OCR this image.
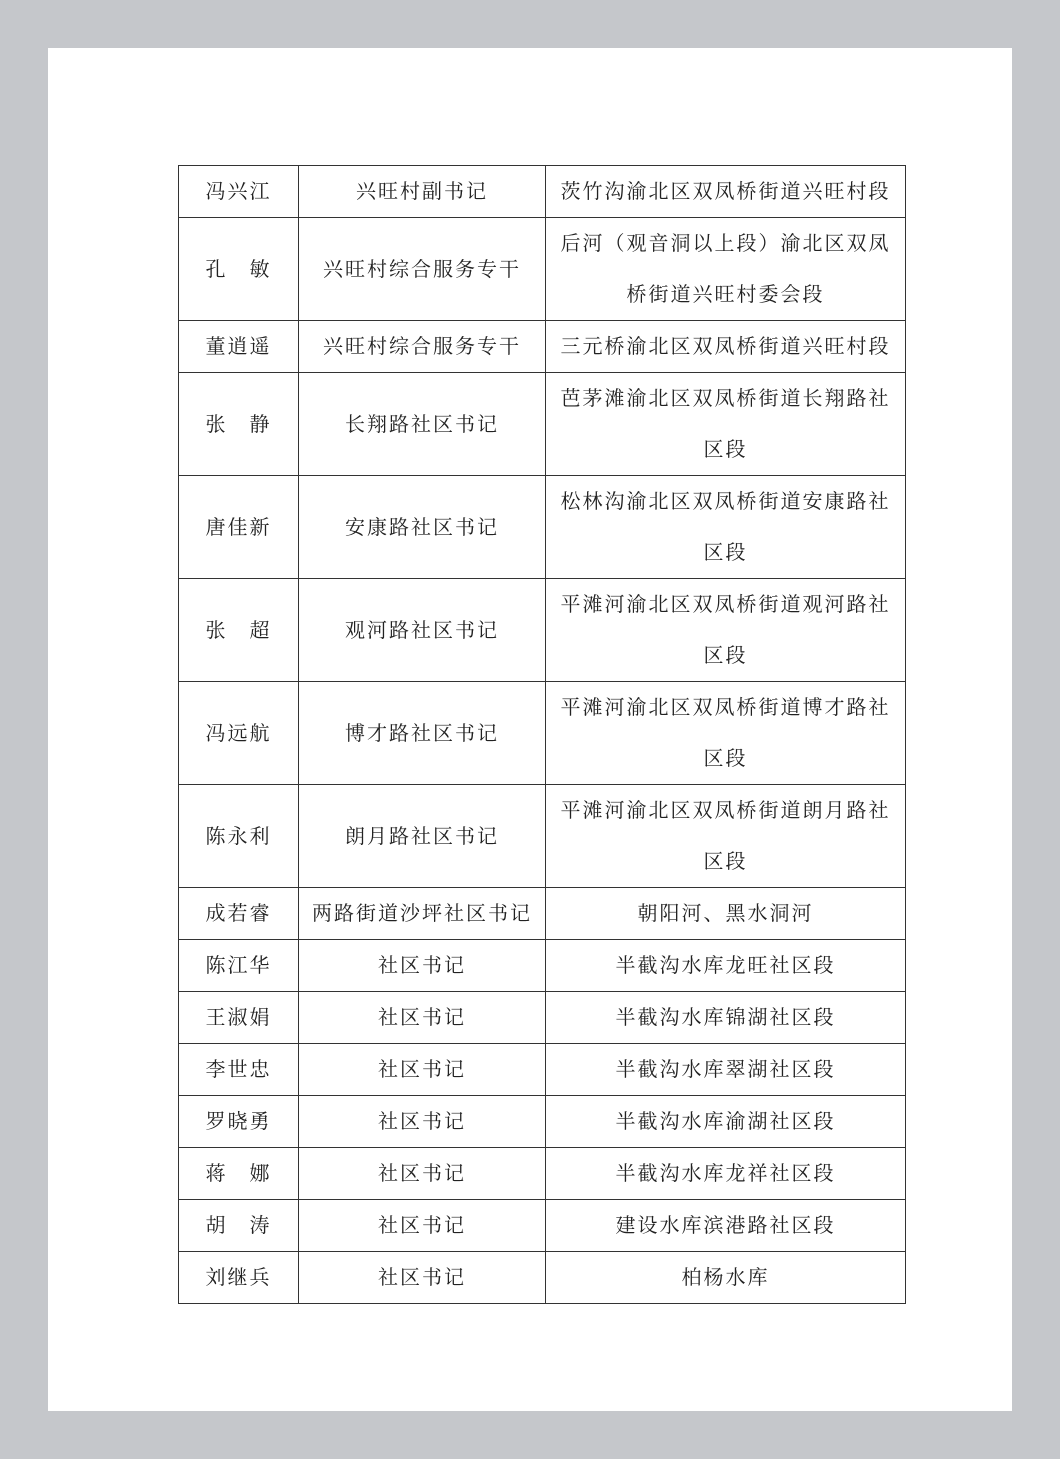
冯兴江	兴旺村副书记	茨竹沟渝北区双凤桥街道兴旺村段
孔　敏	兴旺村综合服务专干	后河（观音洞以上段）渝北区双凤桥街道兴旺村委会段
董逍遥	兴旺村综合服务专干	三元桥渝北区双凤桥街道兴旺村段
张　静	长翔路社区书记	芭茅滩渝北区双凤桥街道长翔路社区段
唐佳新	安康路社区书记	松林沟渝北区双凤桥街道安康路社区段
张　超	观河路社区书记	平滩河渝北区双凤桥街道观河路社区段
冯远航	博才路社区书记	平滩河渝北区双凤桥街道博才路社区段
陈永利	朗月路社区书记	平滩河渝北区双凤桥街道朗月路社区段
成若睿	两路街道沙坪社区书记	朝阳河、黑水洞河
陈江华	社区书记	半截沟水库龙旺社区段
王淑娟	社区书记	半截沟水库锦湖社区段
李世忠	社区书记	半截沟水库翠湖社区段
罗晓勇	社区书记	半截沟水库渝湖社区段
蒋　娜	社区书记	半截沟水库龙祥社区段
胡　涛	社区书记	建设水库滨港路社区段
刘继兵	社区书记	柏杨水库
